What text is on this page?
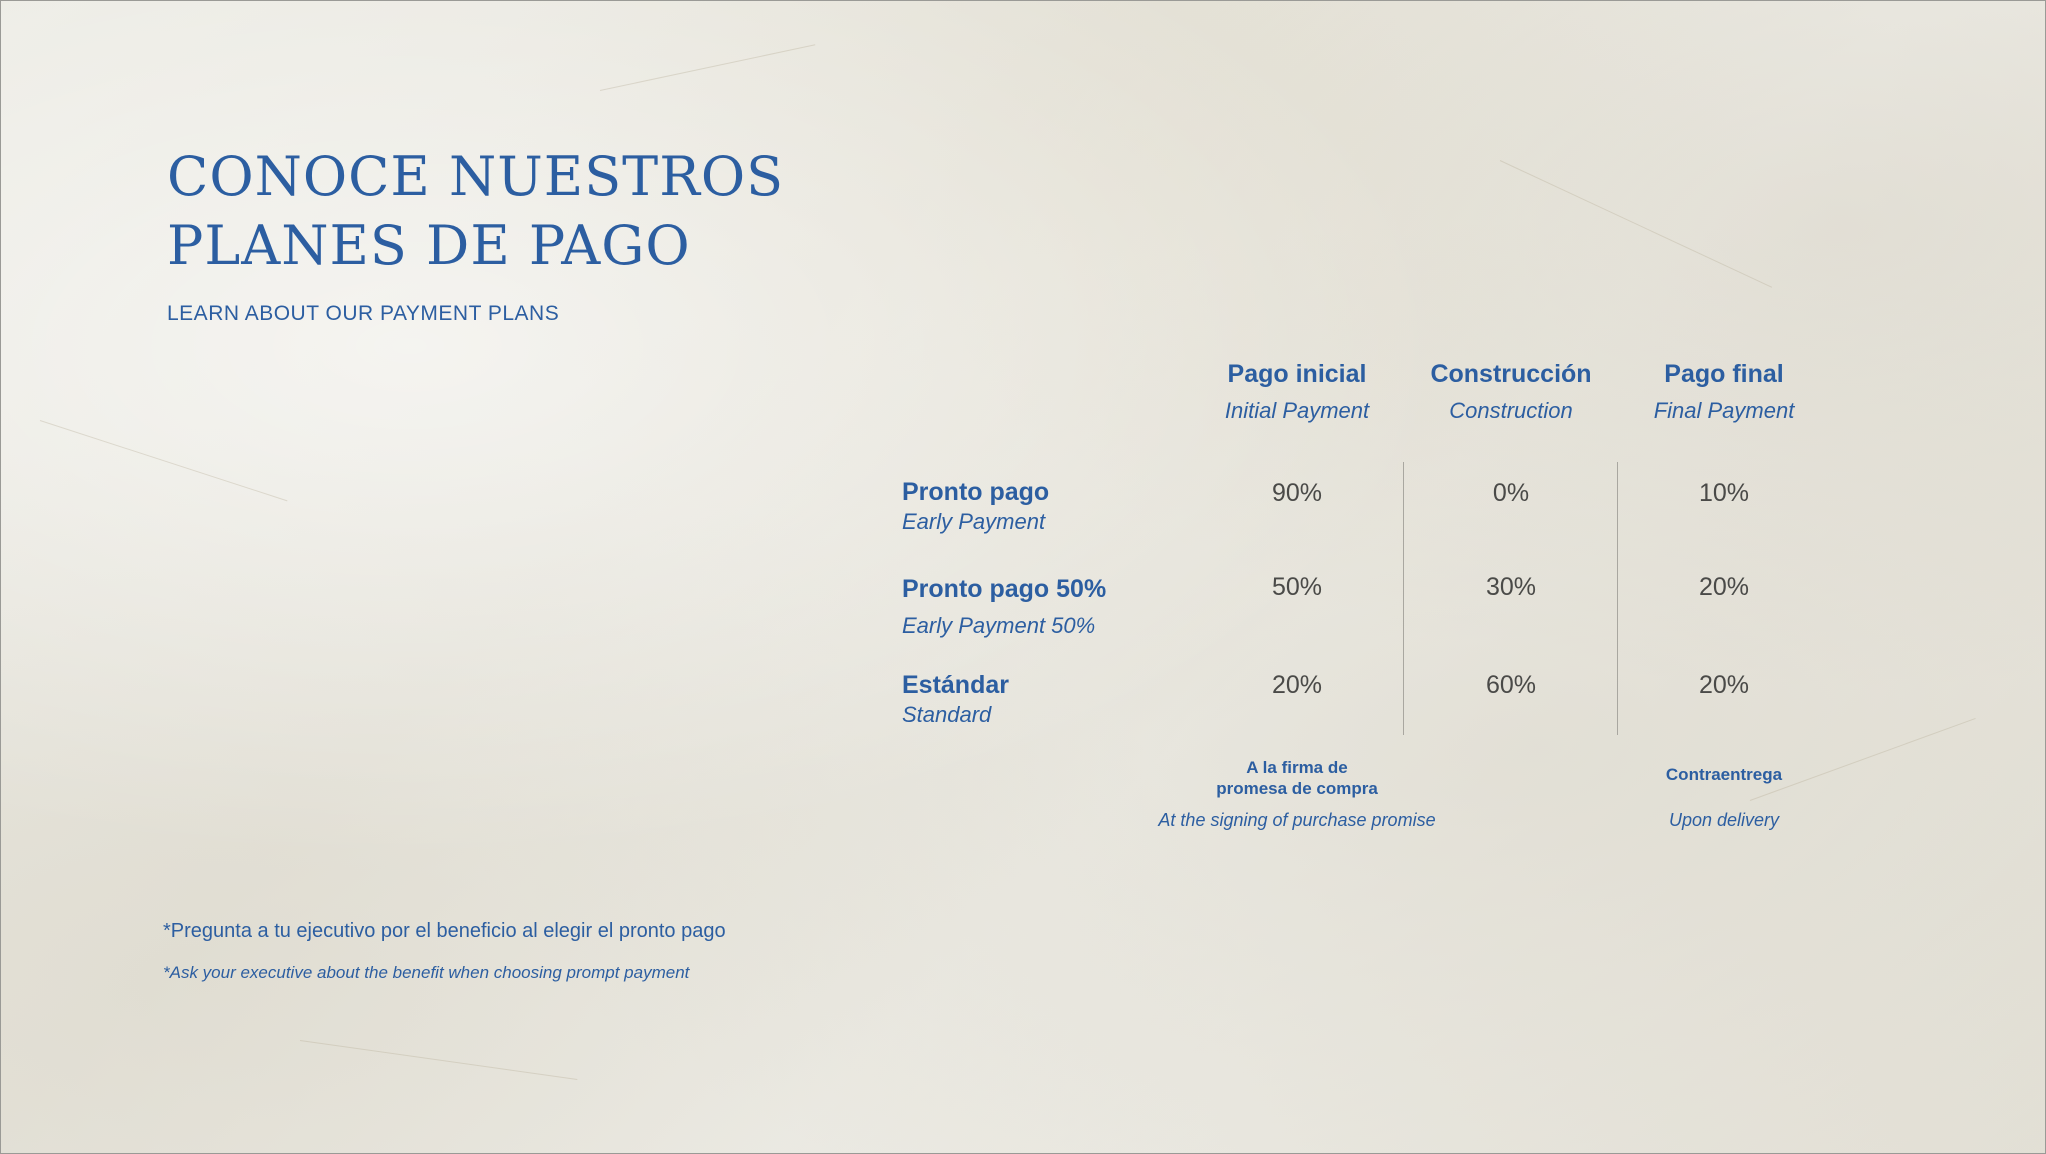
CONOCE NUESTROS
PLANES DE PAGO
LEARN ABOUT OUR PAYMENT PLANS
Pago inicial
Initial Payment
Construcción
Construction
Pago final
Final Payment
Pronto pago
Early Payment
90%	0%	10%
Pronto pago 50%
Early Payment 50%
50%	30%	20%
Estándar
Standard
20%	60%	20%
A la firma de
promesa de compra
At the signing of purchase promise
Contraentrega
Upon delivery
*Pregunta a tu ejecutivo por el beneficio al elegir el pronto pago
*Ask your executive about the benefit when choosing prompt payment
